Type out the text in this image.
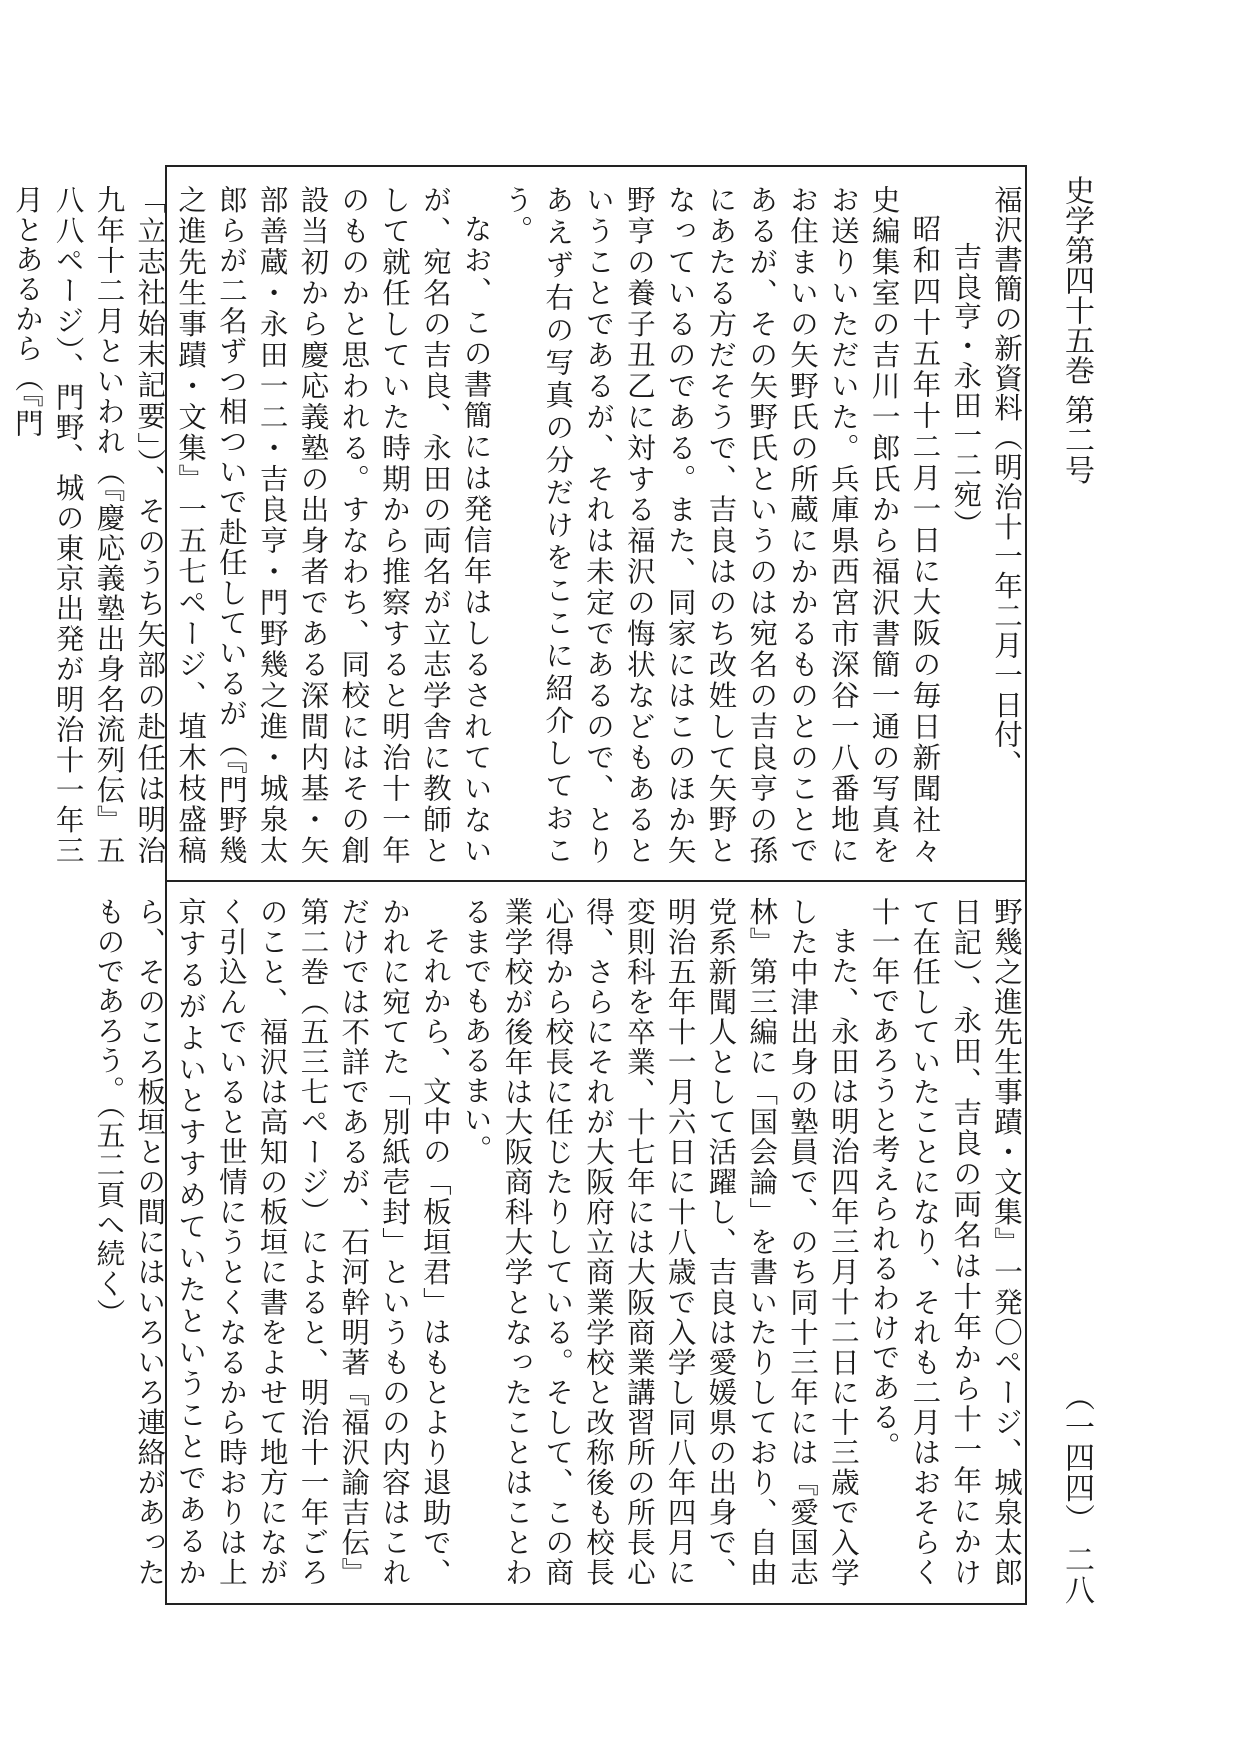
史学第四十五巻 第二号
（一四四） 二八

福沢書簡の新資料（明治十一年二月一日付、

吉良亨・永田一二宛）

昭和四十五年十二月一日に大阪の毎日新聞社々史編集室の吉川一郎氏から福沢書簡一通の写真をお送りいただいた。兵庫県西宮市深谷一八番地にお住まいの矢野氏の所蔵にかかるものとのことであるが、その矢野氏というのは宛名の吉良亨の孫にあたる方だそうで、吉良はのち改姓して矢野となっているのである。また、同家にはこのほか矢野亨の養子丑乙に対する福沢の悔状などもあるということであるが、それは未定であるので、とりあえず右の写真の分だけをここに紹介しておこう。

なお、この書簡には発信年はしるされていないが、宛名の吉良、永田の両名が立志学舎に教師として就任していた時期から推察すると明治十一年のものかと思われる。すなわち、同校にはその創設当初から慶応義塾の出身者である深間内基・矢部善蔵・永田一二・吉良亨・門野幾之進・城泉太郎らが二名ずつ相ついで赴任しているが（『門野幾之進先生事蹟・文集』一五七ページ、埴木枝盛稿「立志社始末記要」）、そのうち矢部の赴任は明治九年十二月といわれ（『慶応義塾出身名流列伝』五八八ページ）、門野、城の東京出発が明治十一年三月とあるから（『門

野幾之進先生事蹟・文集』一発〇ページ、城泉太郎日記）、永田、吉良の両名は十年から十一年にかけて在任していたことになり、それも二月はおそらく十一年であろうと考えられるわけである。

また、永田は明治四年三月十二日に十三歳で入学した中津出身の塾員で、のち同十三年には『愛国志林』第三編に「国会論」を書いたりしており、自由党系新聞人として活躍し、吉良は愛媛県の出身で、明治五年十一月六日に十八歳で入学し同八年四月に変則科を卒業、十七年には大阪商業講習所の所長心得、さらにそれが大阪府立商業学校と改称後も校長心得から校長に任じたりしている。そして、この商業学校が後年は大阪商科大学となったことはことわるまでもあるまい。

それから、文中の「板垣君」はもとより退助で、かれに宛てた「別紙壱封」というものの内容はこれだけでは不詳であるが、石河幹明著『福沢諭吉伝』第二巻（五三七ページ）によると、明治十一年ごろのこと、福沢は高知の板垣に書をよせて地方にながく引込んでいると世情にうとくなるから時おりは上京するがよいとすすめていたということであるから、そのころ板垣との間にはいろいろ連絡があったものであろう。（五二頁へ続く）
